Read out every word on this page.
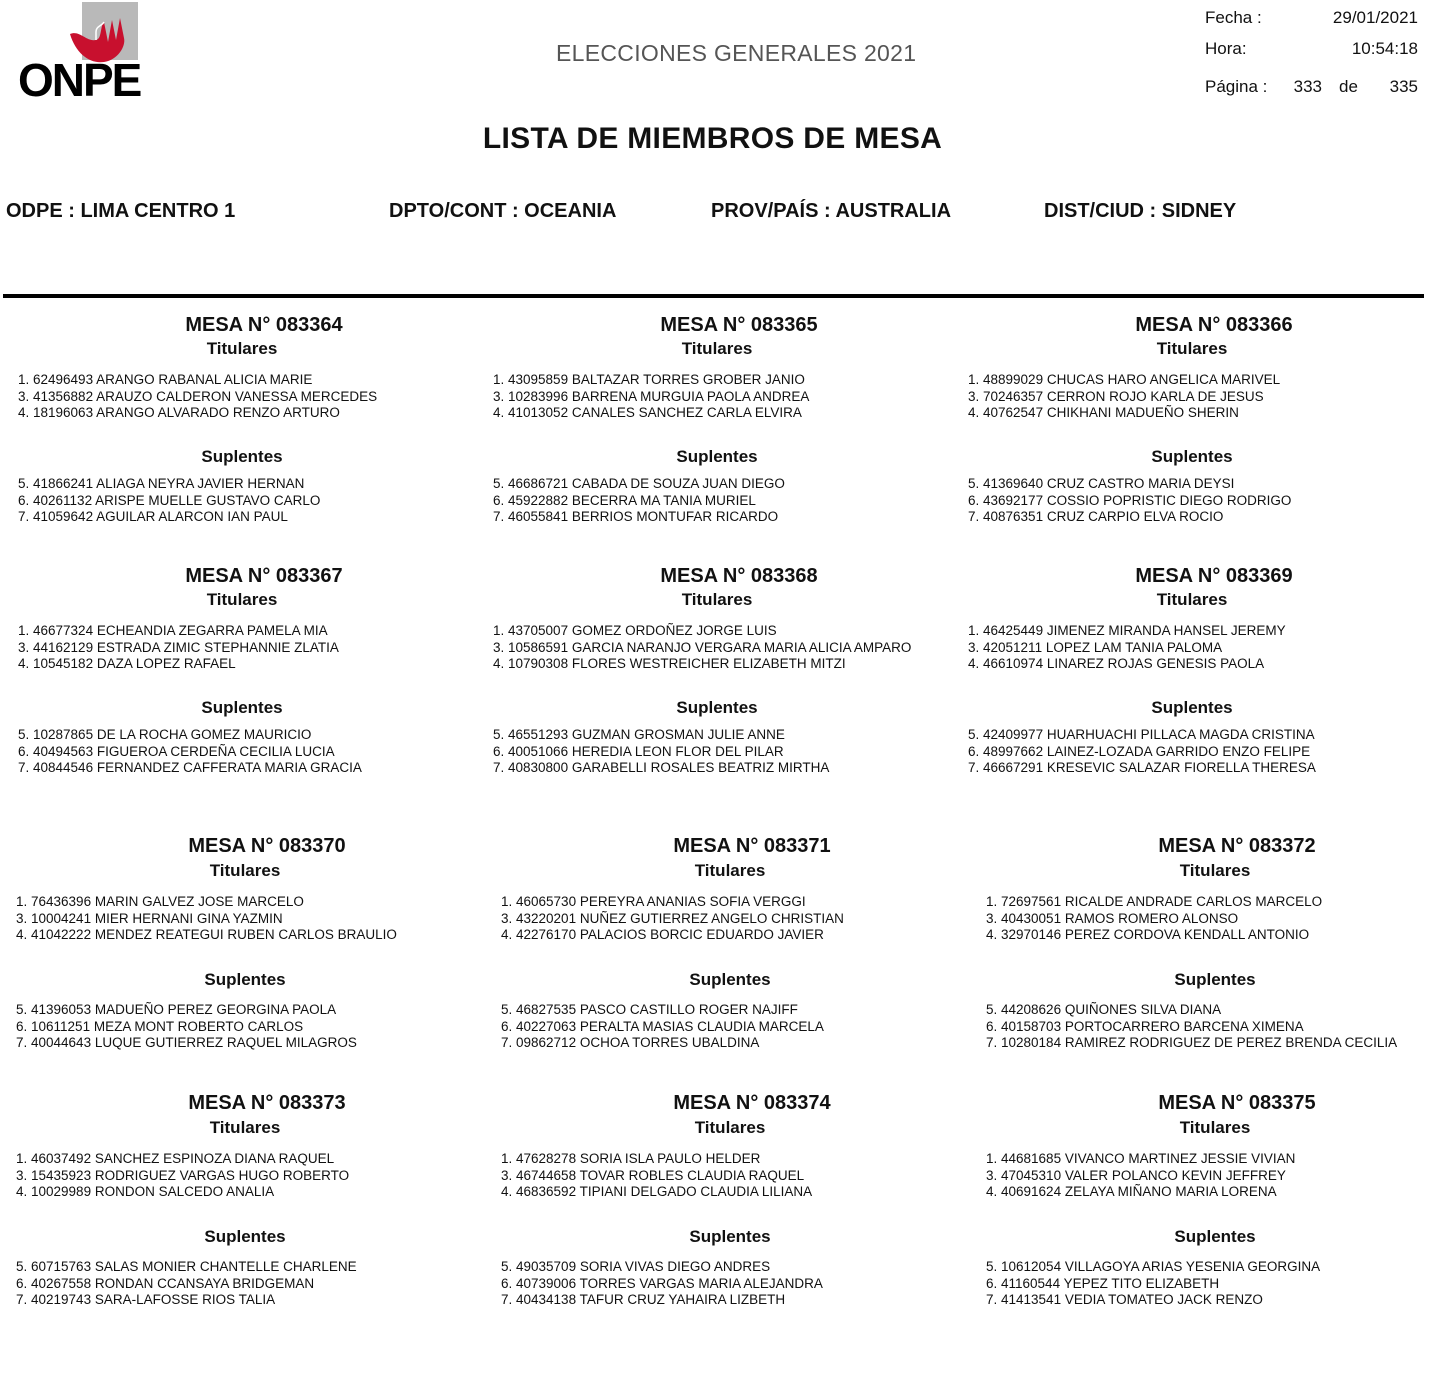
ONPE
ELECCIONES GENERALES 2021
Fecha :	29/01/2021
Hora:	10:54:18
Página :	333 de	335
LISTA DE MIEMBROS DE MESA
ODPE : LIMA CENTRO 1	DPTO/CONT : OCEANIA	PROV/PAÍS : AUSTRALIA	DIST/CIUD : SIDNEY
MESA N° 083364
Titulares
1. 62496493 ARANGO RABANAL ALICIA MARIE
3. 41356882 ARAUZO CALDERON VANESSA MERCEDES
4. 18196063 ARANGO ALVARADO RENZO ARTURO
Suplentes
5. 41866241 ALIAGA NEYRA JAVIER HERNAN
6. 40261132 ARISPE MUELLE GUSTAVO CARLO
7. 41059642 AGUILAR ALARCON IAN PAUL
MESA N° 083365
Titulares
1. 43095859 BALTAZAR TORRES GROBER JANIO
3. 10283996 BARRENA MURGUIA PAOLA ANDREA
4. 41013052 CANALES SANCHEZ CARLA ELVIRA
Suplentes
5. 46686721 CABADA DE SOUZA JUAN DIEGO
6. 45922882 BECERRA MA TANIA MURIEL
7. 46055841 BERRIOS MONTUFAR RICARDO
MESA N° 083366
Titulares
1. 48899029 CHUCAS HARO ANGELICA MARIVEL
3. 70246357 CERRON ROJO KARLA DE JESUS
4. 40762547 CHIKHANI MADUEÑO SHERIN
Suplentes
5. 41369640 CRUZ CASTRO MARIA DEYSI
6. 43692177 COSSIO POPRISTIC DIEGO RODRIGO
7. 40876351 CRUZ CARPIO ELVA ROCIO
MESA N° 083367
Titulares
1. 46677324 ECHEANDIA ZEGARRA PAMELA MIA
3. 44162129 ESTRADA ZIMIC STEPHANNIE ZLATIA
4. 10545182 DAZA LOPEZ RAFAEL
Suplentes
5. 10287865 DE LA ROCHA GOMEZ MAURICIO
6. 40494563 FIGUEROA CERDEÑA CECILIA LUCIA
7. 40844546 FERNANDEZ CAFFERATA MARIA GRACIA
MESA N° 083368
Titulares
1. 43705007 GOMEZ ORDOÑEZ JORGE LUIS
3. 10586591 GARCIA NARANJO VERGARA MARIA ALICIA AMPARO
4. 10790308 FLORES WESTREICHER ELIZABETH MITZI
Suplentes
5. 46551293 GUZMAN GROSMAN JULIE ANNE
6. 40051066 HEREDIA LEON FLOR DEL PILAR
7. 40830800 GARABELLI ROSALES BEATRIZ MIRTHA
MESA N° 083369
Titulares
1. 46425449 JIMENEZ MIRANDA HANSEL JEREMY
3. 42051211 LOPEZ LAM TANIA PALOMA
4. 46610974 LINAREZ ROJAS GENESIS PAOLA
Suplentes
5. 42409977 HUARHUACHI PILLACA MAGDA CRISTINA
6. 48997662 LAINEZ-LOZADA GARRIDO ENZO FELIPE
7. 46667291 KRESEVIC SALAZAR FIORELLA THERESA
MESA N° 083370
Titulares
1. 76436396 MARIN GALVEZ JOSE MARCELO
3. 10004241 MIER HERNANI GINA YAZMIN
4. 41042222 MENDEZ REATEGUI RUBEN CARLOS BRAULIO
Suplentes
5. 41396053 MADUEÑO PEREZ GEORGINA PAOLA
6. 10611251 MEZA MONT ROBERTO CARLOS
7. 40044643 LUQUE GUTIERREZ RAQUEL MILAGROS
MESA N° 083371
Titulares
1. 46065730 PEREYRA ANANIAS SOFIA VERGGI
3. 43220201 NUÑEZ GUTIERREZ ANGELO CHRISTIAN
4. 42276170 PALACIOS BORCIC EDUARDO JAVIER
Suplentes
5. 46827535 PASCO CASTILLO ROGER NAJIFF
6. 40227063 PERALTA MASIAS CLAUDIA MARCELA
7. 09862712 OCHOA TORRES UBALDINA
MESA N° 083372
Titulares
1. 72697561 RICALDE ANDRADE CARLOS MARCELO
3. 40430051 RAMOS ROMERO ALONSO
4. 32970146 PEREZ CORDOVA KENDALL ANTONIO
Suplentes
5. 44208626 QUIÑONES SILVA DIANA
6. 40158703 PORTOCARRERO BARCENA XIMENA
7. 10280184 RAMIREZ RODRIGUEZ DE PEREZ BRENDA CECILIA
MESA N° 083373
Titulares
1. 46037492 SANCHEZ ESPINOZA DIANA RAQUEL
3. 15435923 RODRIGUEZ VARGAS HUGO ROBERTO
4. 10029989 RONDON SALCEDO ANALIA
Suplentes
5. 60715763 SALAS MONIER CHANTELLE CHARLENE
6. 40267558 RONDAN CCANSAYA BRIDGEMAN
7. 40219743 SARA-LAFOSSE RIOS TALIA
MESA N° 083374
Titulares
1. 47628278 SORIA ISLA PAULO HELDER
3. 46744658 TOVAR ROBLES CLAUDIA RAQUEL
4. 46836592 TIPIANI DELGADO CLAUDIA LILIANA
Suplentes
5. 49035709 SORIA VIVAS DIEGO ANDRES
6. 40739006 TORRES VARGAS MARIA ALEJANDRA
7. 40434138 TAFUR CRUZ YAHAIRA LIZBETH
MESA N° 083375
Titulares
1. 44681685 VIVANCO MARTINEZ JESSIE VIVIAN
3. 47045310 VALER POLANCO KEVIN JEFFREY
4. 40691624 ZELAYA MIÑANO MARIA LORENA
Suplentes
5. 10612054 VILLAGOYA ARIAS YESENIA GEORGINA
6. 41160544 YEPEZ TITO ELIZABETH
7. 41413541 VEDIA TOMATEO JACK RENZO
